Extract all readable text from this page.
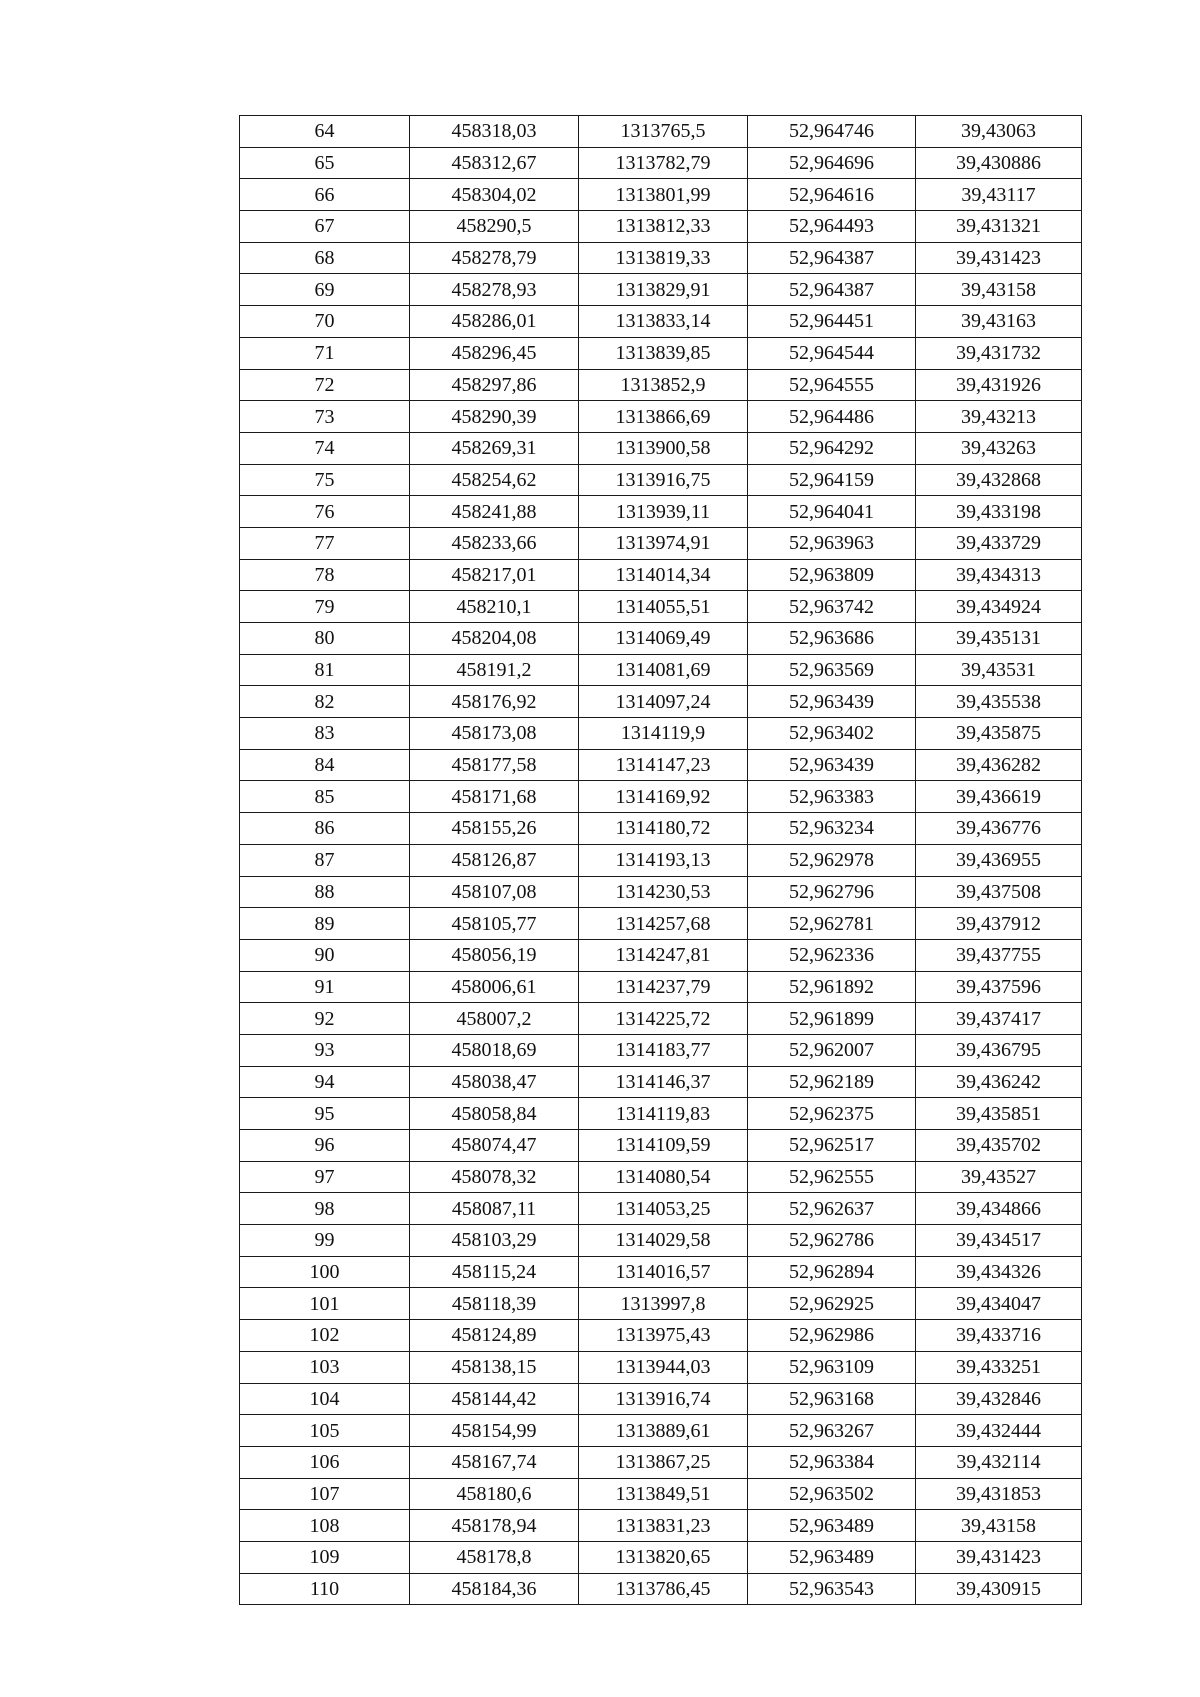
64	458318,03	1313765,5	52,964746	39,43063
65	458312,67	1313782,79	52,964696	39,430886
66	458304,02	1313801,99	52,964616	39,43117
67	458290,5	1313812,33	52,964493	39,431321
68	458278,79	1313819,33	52,964387	39,431423
69	458278,93	1313829,91	52,964387	39,43158
70	458286,01	1313833,14	52,964451	39,43163
71	458296,45	1313839,85	52,964544	39,431732
72	458297,86	1313852,9	52,964555	39,431926
73	458290,39	1313866,69	52,964486	39,43213
74	458269,31	1313900,58	52,964292	39,43263
75	458254,62	1313916,75	52,964159	39,432868
76	458241,88	1313939,11	52,964041	39,433198
77	458233,66	1313974,91	52,963963	39,433729
78	458217,01	1314014,34	52,963809	39,434313
79	458210,1	1314055,51	52,963742	39,434924
80	458204,08	1314069,49	52,963686	39,435131
81	458191,2	1314081,69	52,963569	39,43531
82	458176,92	1314097,24	52,963439	39,435538
83	458173,08	1314119,9	52,963402	39,435875
84	458177,58	1314147,23	52,963439	39,436282
85	458171,68	1314169,92	52,963383	39,436619
86	458155,26	1314180,72	52,963234	39,436776
87	458126,87	1314193,13	52,962978	39,436955
88	458107,08	1314230,53	52,962796	39,437508
89	458105,77	1314257,68	52,962781	39,437912
90	458056,19	1314247,81	52,962336	39,437755
91	458006,61	1314237,79	52,961892	39,437596
92	458007,2	1314225,72	52,961899	39,437417
93	458018,69	1314183,77	52,962007	39,436795
94	458038,47	1314146,37	52,962189	39,436242
95	458058,84	1314119,83	52,962375	39,435851
96	458074,47	1314109,59	52,962517	39,435702
97	458078,32	1314080,54	52,962555	39,43527
98	458087,11	1314053,25	52,962637	39,434866
99	458103,29	1314029,58	52,962786	39,434517
100	458115,24	1314016,57	52,962894	39,434326
101	458118,39	1313997,8	52,962925	39,434047
102	458124,89	1313975,43	52,962986	39,433716
103	458138,15	1313944,03	52,963109	39,433251
104	458144,42	1313916,74	52,963168	39,432846
105	458154,99	1313889,61	52,963267	39,432444
106	458167,74	1313867,25	52,963384	39,432114
107	458180,6	1313849,51	52,963502	39,431853
108	458178,94	1313831,23	52,963489	39,43158
109	458178,8	1313820,65	52,963489	39,431423
110	458184,36	1313786,45	52,963543	39,430915
